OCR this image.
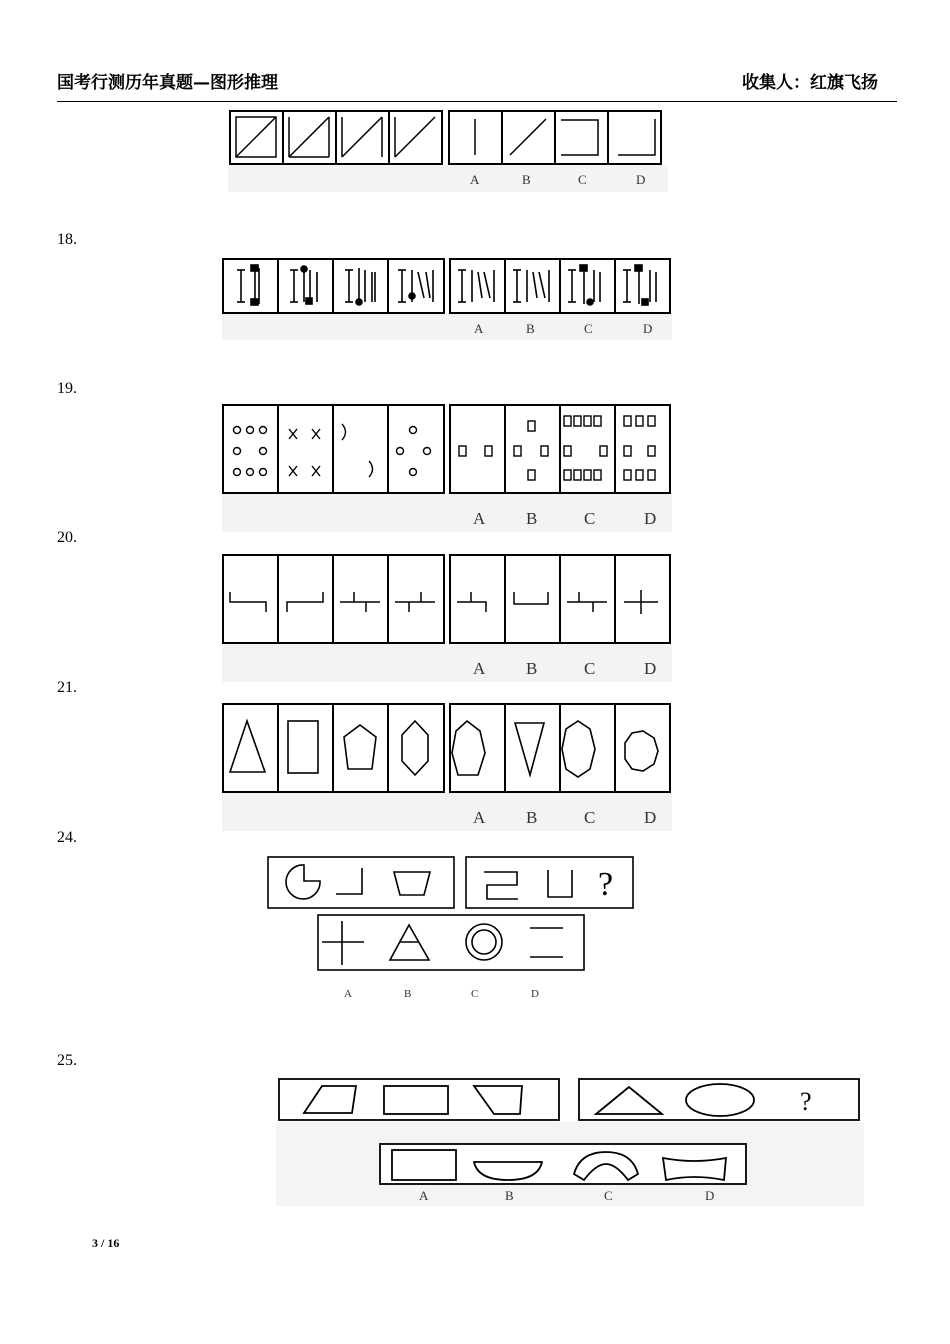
国考行测历年真题—图形推理	收集人：红旗飞扬
A	B	C	D
18.
A	B	C	D
19.
A B	C	D
20.
A B	C	D
21.
A B	C	D
24.
?
A	B	C	D
25.
?
A	B	C	D
3 / 16
